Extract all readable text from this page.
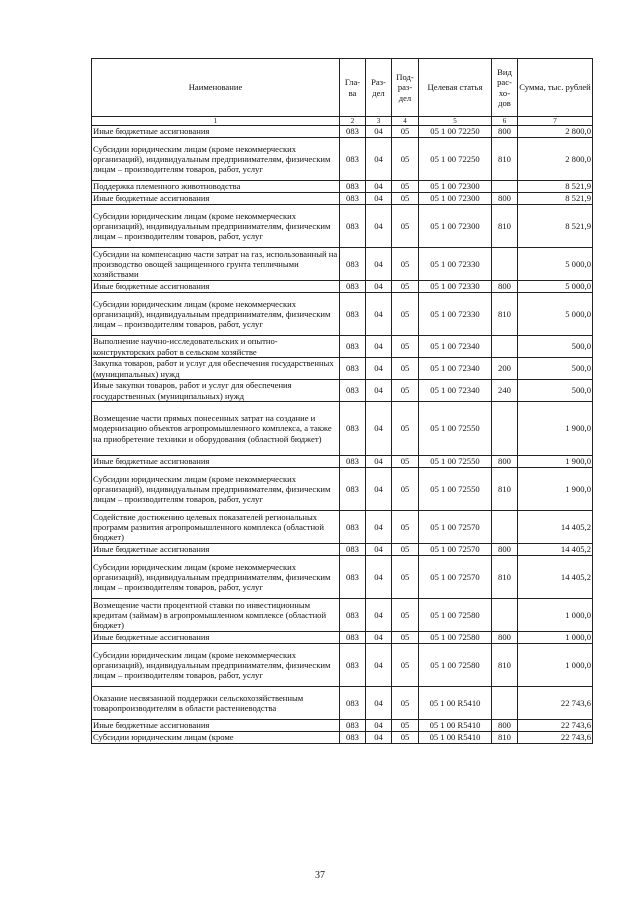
Наименование	Гла-ва	Раз-дел	Под-раз-дел	Целевая статья	Вид рас-хо-дов	Сумма, тыс. рублей
1	2	3	4	5	6	7
Иные бюджетные ассигнования	083	04	05	05 1 00 72250	800	2 800,0
Субсидии юридическим лицам (кроме некоммерческих организаций), индивидуальным предпринимателям, физическим лицам – производителям товаров, работ, услуг	083	04	05	05 1 00 72250	810	2 800,0
Поддержка племенного животноводства	083	04	05	05 1 00 72300		8 521,9
Иные бюджетные ассигнования	083	04	05	05 1 00 72300	800	8 521,9
Субсидии юридическим лицам (кроме некоммерческих организаций), индивидуальным предпринимателям, физическим лицам – производителям товаров, работ, услуг	083	04	05	05 1 00 72300	810	8 521,9
Субсидии на компенсацию части затрат на газ, использованный на производство овощей защищенного грунта тепличными хозяйствами	083	04	05	05 1 00 72330		5 000,0
Иные бюджетные ассигнования	083	04	05	05 1 00 72330	800	5 000,0
Субсидии юридическим лицам (кроме некоммерческих организаций), индивидуальным предпринимателям, физическим лицам – производителям товаров, работ, услуг	083	04	05	05 1 00 72330	810	5 000,0
Выполнение научно-исследовательских и опытно-конструкторских работ в сельском хозяйстве	083	04	05	05 1 00 72340		500,0
Закупка товаров, работ и услуг для обеспечения государственных (муниципальных) нужд	083	04	05	05 1 00 72340	200	500,0
Иные закупки товаров, работ и услуг для обеспечения государственных (муниципальных) нужд	083	04	05	05 1 00 72340	240	500,0
Возмещение части прямых понесенных затрат на создание и модернизацию объектов агропромышленного комплекса, а также на приобретение техники и оборудования (областной бюджет)	083	04	05	05 1 00 72550		1 900,0
Иные бюджетные ассигнования	083	04	05	05 1 00 72550	800	1 900,0
Субсидии юридическим лицам (кроме некоммерческих организаций), индивидуальным предпринимателям, физическим лицам – производителям товаров, работ, услуг	083	04	05	05 1 00 72550	810	1 900,0
Содействие достижению целевых показателей региональных программ развития агропромышленного комплекса (областной бюджет)	083	04	05	05 1 00 72570		14 405,2
Иные бюджетные ассигнования	083	04	05	05 1 00 72570	800	14 405,2
Субсидии юридическим лицам (кроме некоммерческих организаций), индивидуальным предпринимателям, физическим лицам – производителям товаров, работ, услуг	083	04	05	05 1 00 72570	810	14 405,2
Возмещение части процентной ставки по инвестиционным кредитам (займам) в агропромышленном комплексе (областной бюджет)	083	04	05	05 1 00 72580		1 000,0
Иные бюджетные ассигнования	083	04	05	05 1 00 72580	800	1 000,0
Субсидии юридическим лицам (кроме некоммерческих организаций), индивидуальным предпринимателям, физическим лицам – производителям товаров, работ, услуг	083	04	05	05 1 00 72580	810	1 000,0
Оказание несвязанной поддержки сельскохозяйственным товаропроизводителям в области растениеводства	083	04	05	05 1 00 R5410		22 743,6
Иные бюджетные ассигнования	083	04	05	05 1 00 R5410	800	22 743,6
Субсидии юридическим лицам (кроме	083	04	05	05 1 00 R5410	810	22 743,6
37
